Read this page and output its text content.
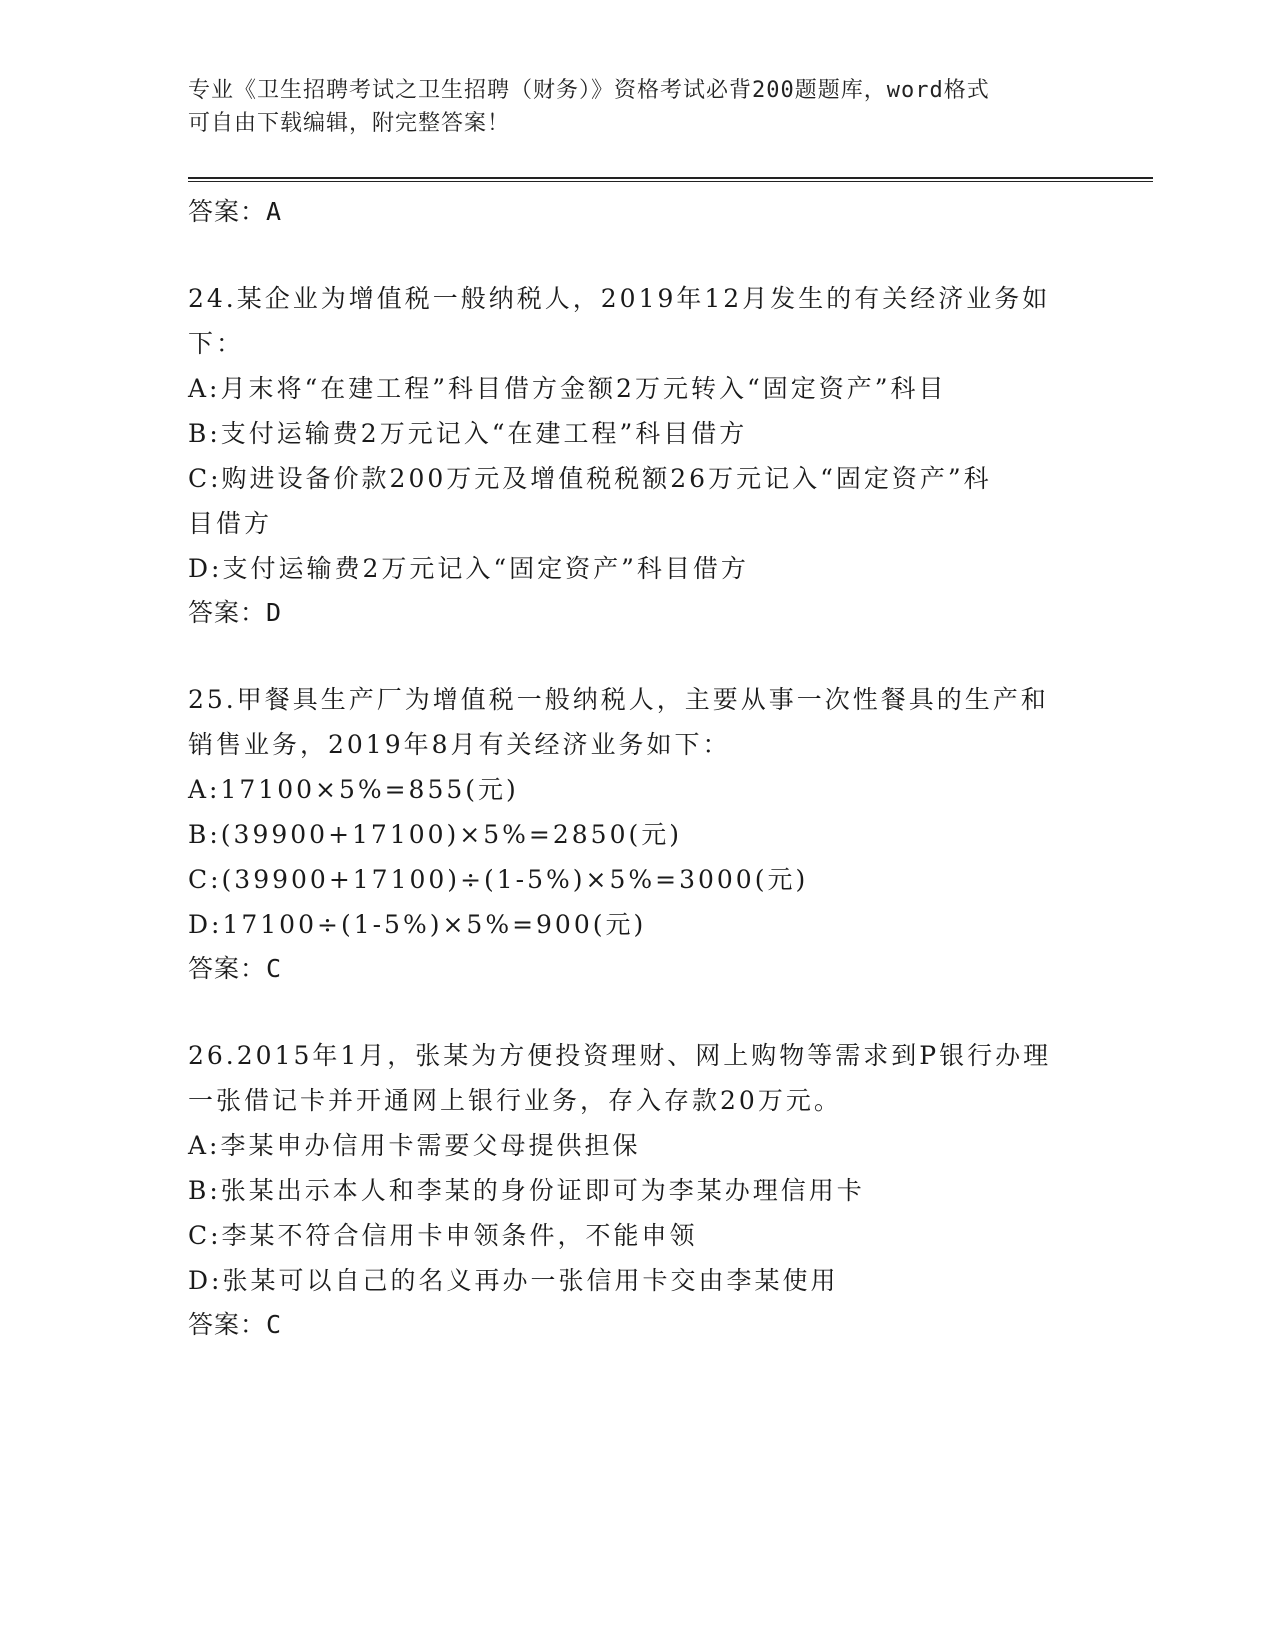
专业《卫生招聘考试之卫生招聘（财务）》资格考试必背200题题库，word格式
可自由下载编辑，附完整答案！

答案：A

24.某企业为增值税一般纳税人，2019年12月发生的有关经济业务如

下：

A:月末将“在建工程”科目借方金额2万元转入“固定资产”科目

B:支付运输费2万元记入“在建工程”科目借方

C:购进设备价款200万元及增值税税额26万元记入“固定资产”科

目借方

D:支付运输费2万元记入“固定资产”科目借方

答案：D

25.甲餐具生产厂为增值税一般纳税人，主要从事一次性餐具的生产和

销售业务，2019年8月有关经济业务如下：

A:17100×5%=855(元)

B:(39900+17100)×5%=2850(元)

C:(39900+17100)÷(1-5%)×5%=3000(元)

D:17100÷(1-5%)×5%=900(元)

答案：C

26.2015年1月，张某为方便投资理财、网上购物等需求到P银行办理

一张借记卡并开通网上银行业务，存入存款20万元。

A:李某申办信用卡需要父母提供担保

B:张某出示本人和李某的身份证即可为李某办理信用卡

C:李某不符合信用卡申领条件，不能申领

D:张某可以自己的名义再办一张信用卡交由李某使用

答案：C
